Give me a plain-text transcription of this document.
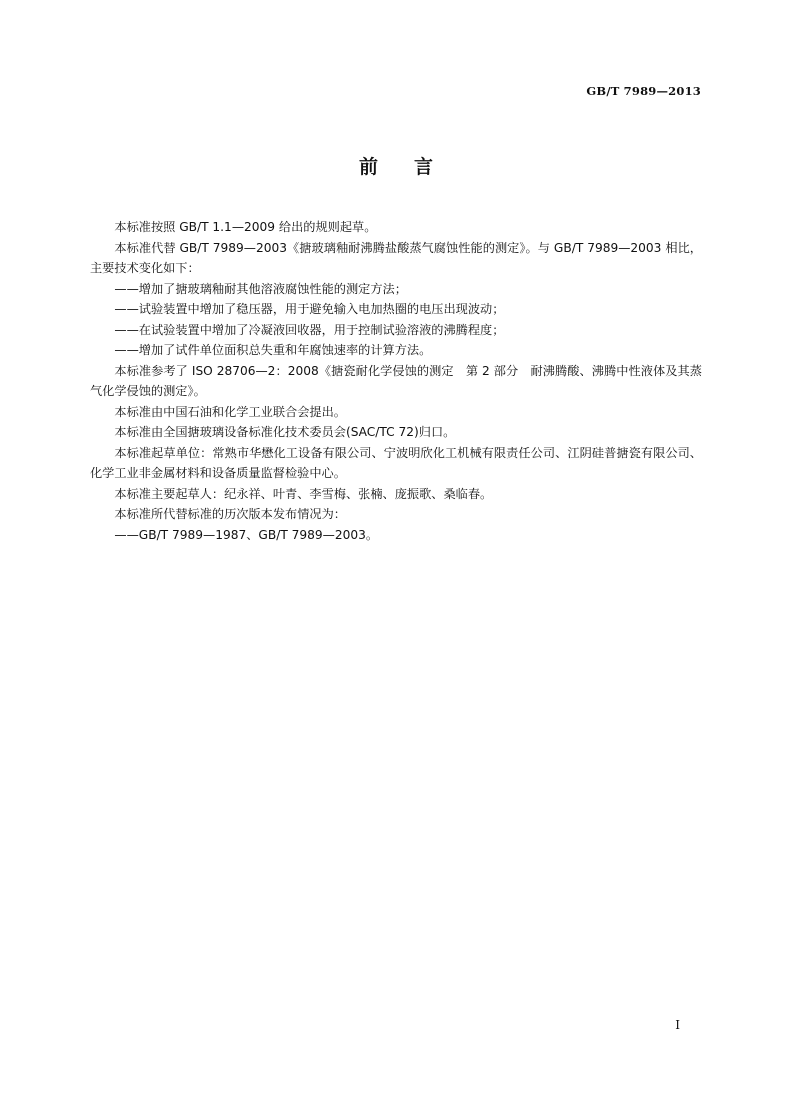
GB/T 7989—2013
前言

本标准按照 GB/T 1.1—2009 给出的规则起草。

本标准代替 GB/T 7989—2003《搪玻璃釉耐沸腾盐酸蒸气腐蚀性能的测定》。与 GB/T 7989—2003 相比，主要技术变化如下：

——增加了搪玻璃釉耐其他溶液腐蚀性能的测定方法；

——试验装置中增加了稳压器，用于避免输入电加热圈的电压出现波动；

——在试验装置中增加了冷凝液回收器，用于控制试验溶液的沸腾程度；

——增加了试件单位面积总失重和年腐蚀速率的计算方法。

本标准参考了 ISO 28706—2：2008《搪瓷耐化学侵蚀的测定　第 2 部分　耐沸腾酸、沸腾中性液体及其蒸气化学侵蚀的测定》。

本标准由中国石油和化学工业联合会提出。

本标准由全国搪玻璃设备标准化技术委员会(SAC/TC 72)归口。

本标准起草单位：常熟市华懋化工设备有限公司、宁波明欣化工机械有限责任公司、江阴硅普搪瓷有限公司、化学工业非金属材料和设备质量监督检验中心。

本标准主要起草人：纪永祥、叶青、李雪梅、张楠、庞振歌、桑临春。

本标准所代替标准的历次版本发布情况为：

——GB/T 7989—1987、GB/T 7989—2003。

I
